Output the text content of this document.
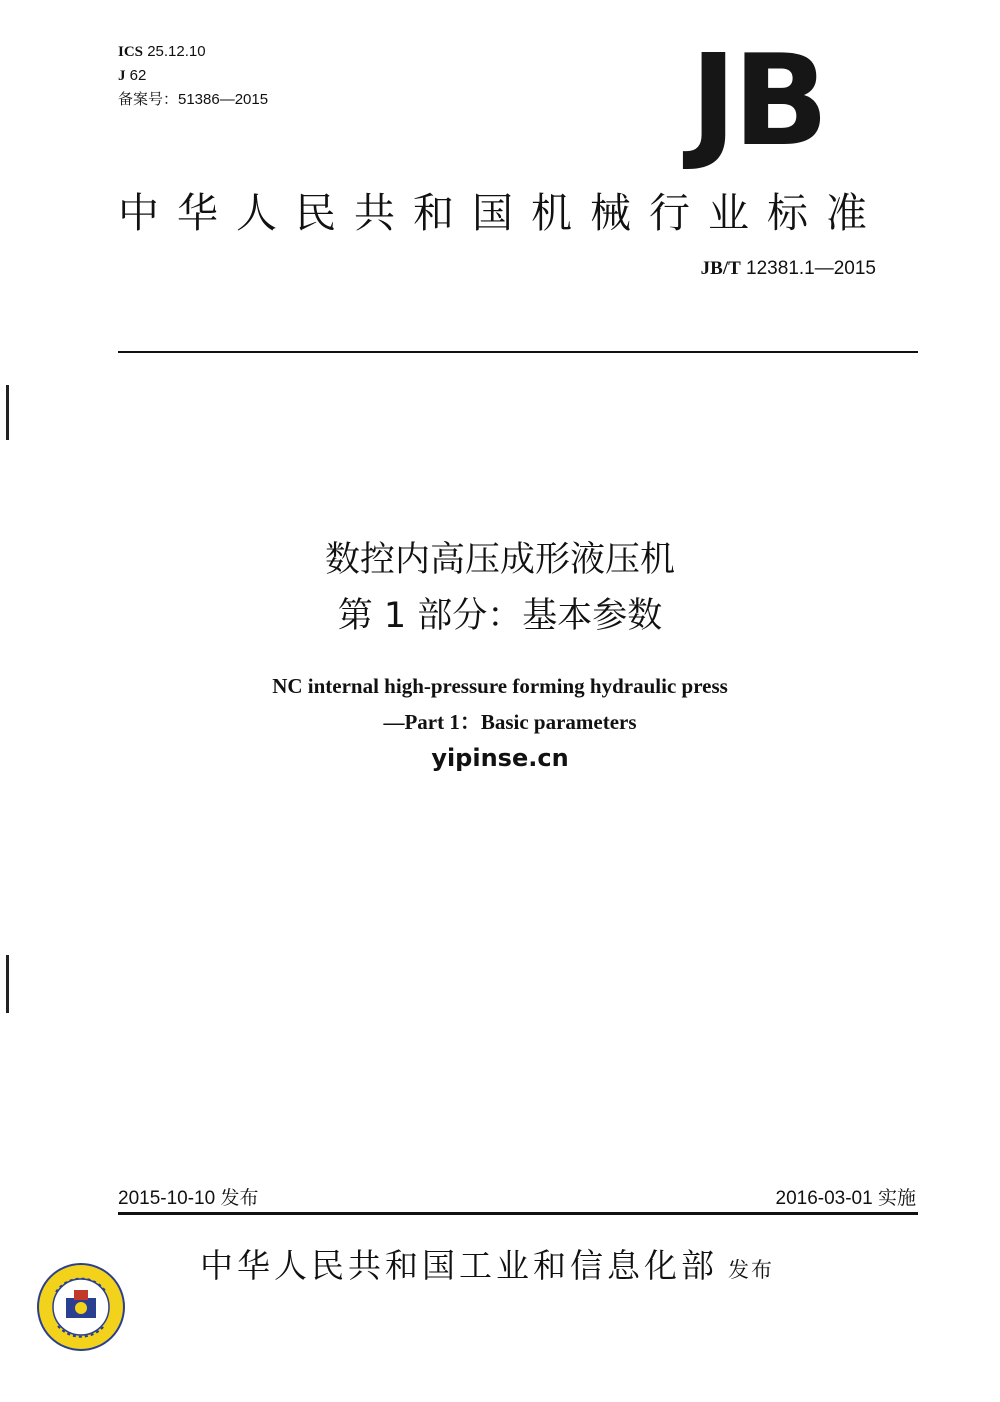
ICS 25.12.10
J 62
备案号：51386—2015	JB
中华人民共和国机械行业标准
JB/T 12381.1—2015
数控内高压成形液压机
第 1 部分：基本参数
NC internal high-pressure forming hydraulic press
—Part 1：Basic parameters
yipinse.cn
2015-10-10 发布	2016-03-01 实施
中华人民共和国工业和信息化部 发布
